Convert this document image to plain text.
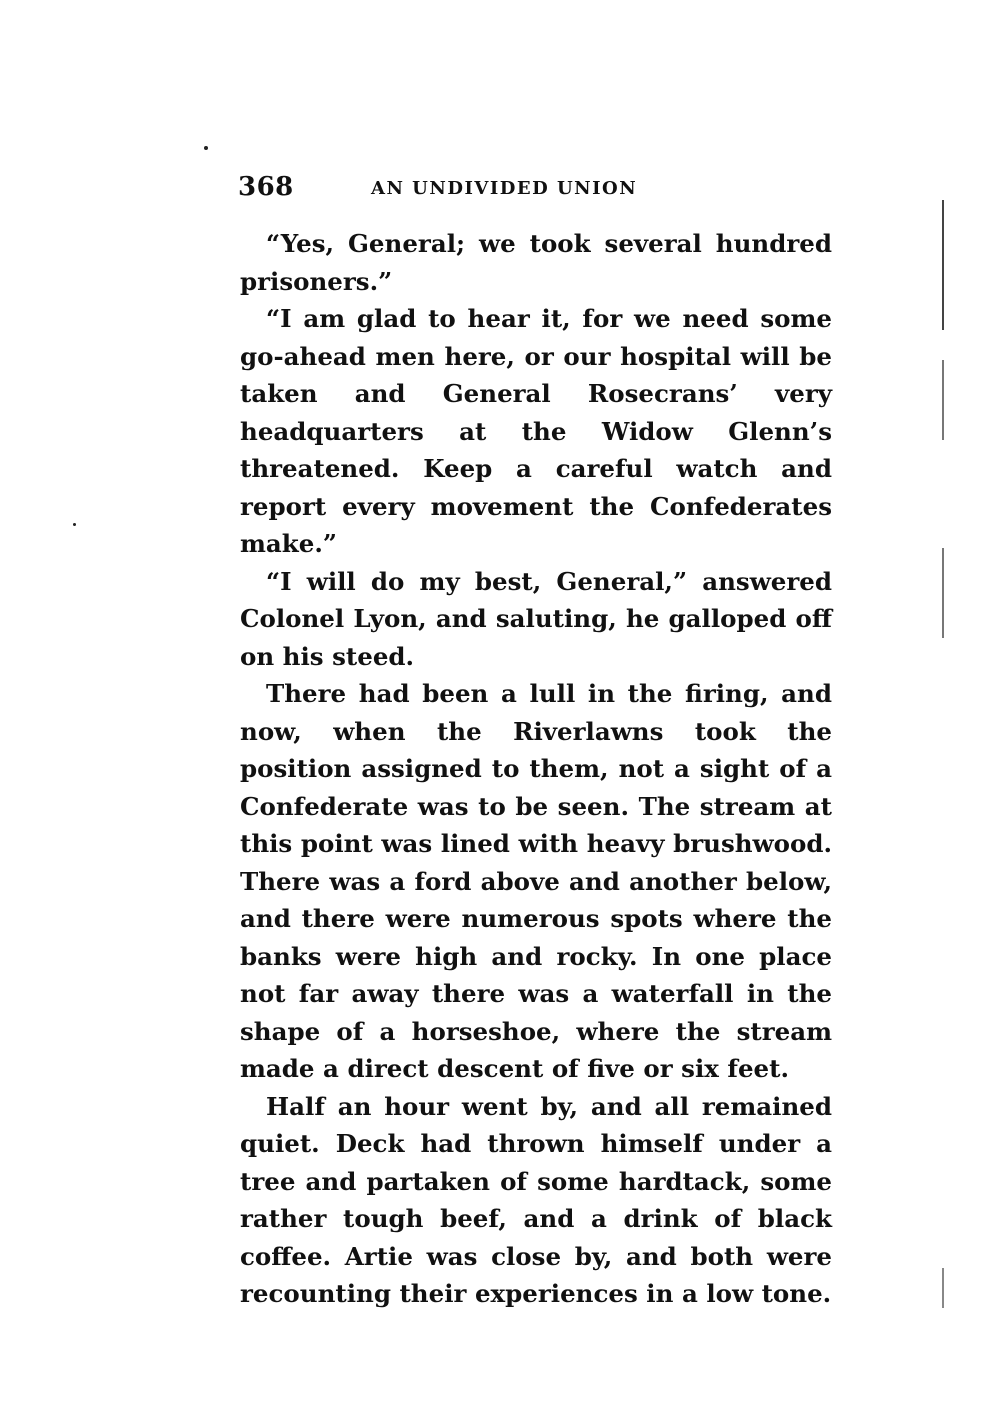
368	AN UNDIVIDED UNION

“Yes, General; we took several hundred prisoners.”

“I am glad to hear it, for we need some go-ahead men here, or our hospital will be taken and General Rosecrans’ very headquarters at the Widow Glenn’s threatened. Keep a careful watch and report every movement the Confederates make.”

“I will do my best, General,” answered Colonel Lyon, and saluting, he galloped off on his steed.

There had been a lull in the firing, and now, when the Riverlawns took the position assigned to them, not a sight of a Confederate was to be seen. The stream at this point was lined with heavy brushwood. There was a ford above and another below, and there were numerous spots where the banks were high and rocky. In one place not far away there was a waterfall in the shape of a horseshoe, where the stream made a direct descent of five or six feet.

Half an hour went by, and all remained quiet. Deck had thrown himself under a tree and partaken of some hardtack, some rather tough beef, and a drink of black coffee. Artie was close by, and both were recounting their experiences in a low tone.
